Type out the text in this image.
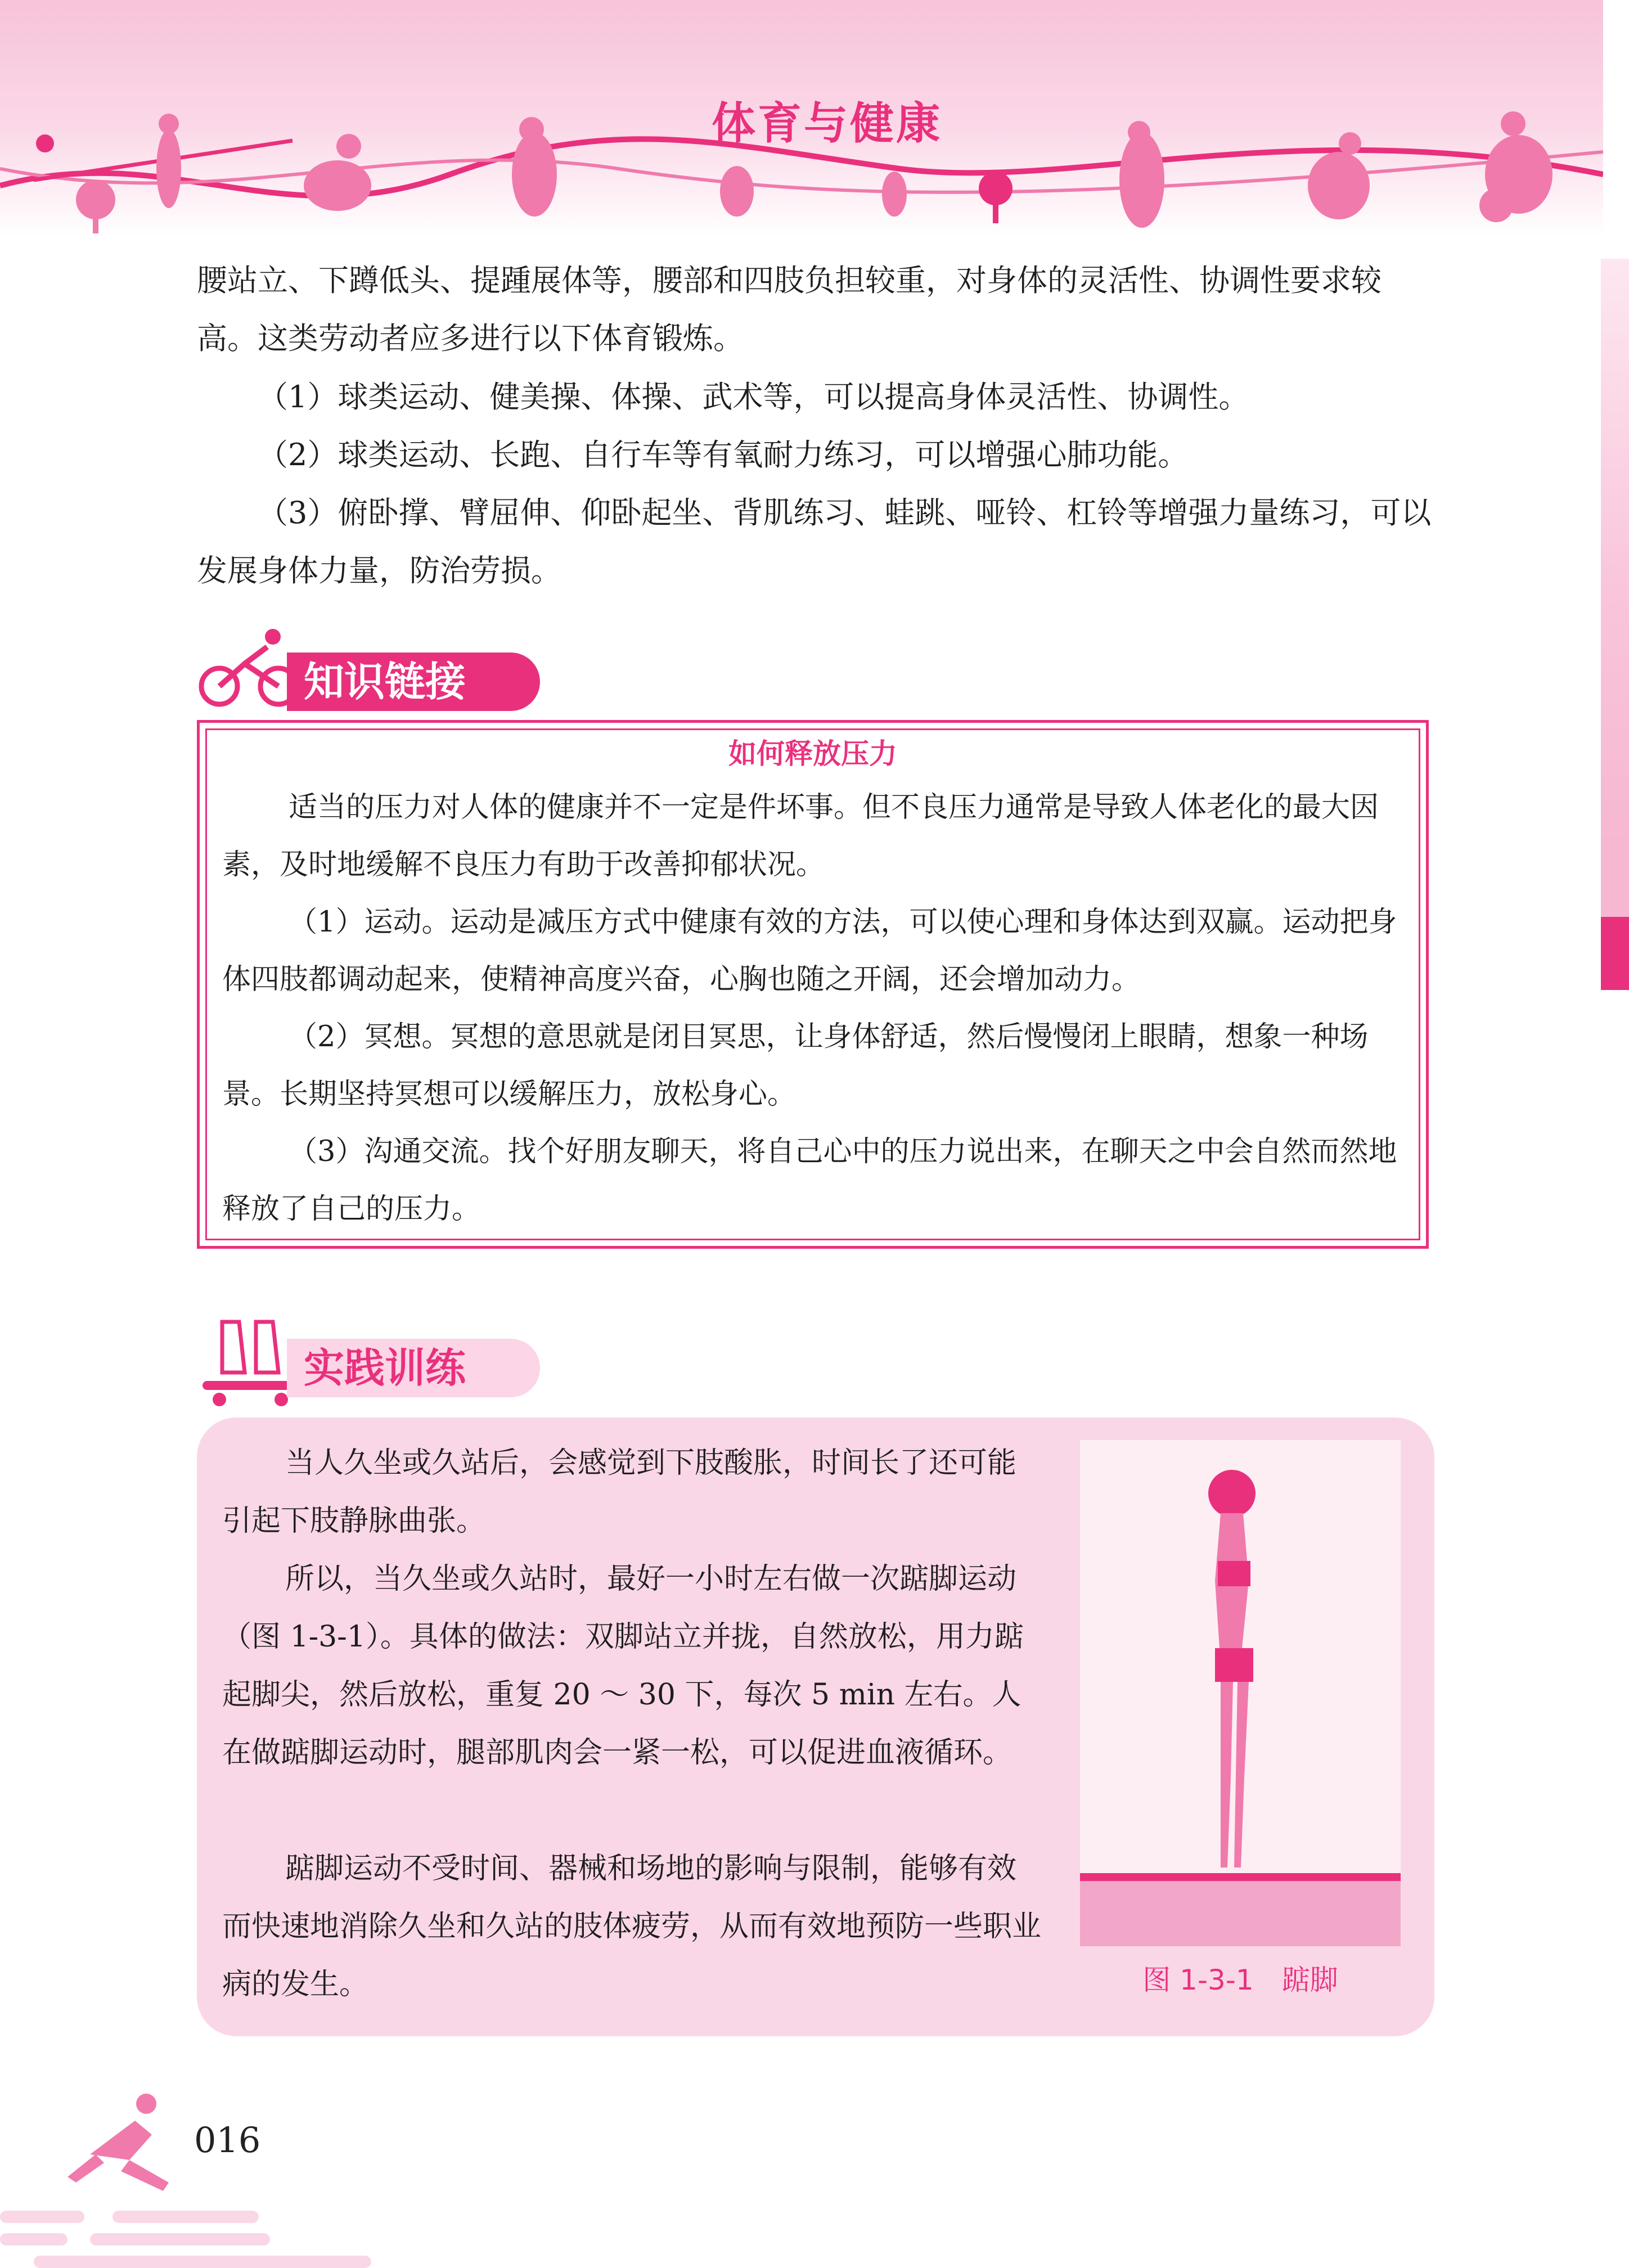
体育与健康
腰站立、下蹲低头、提踵展体等，腰部和四肢负担较重，对身体的灵活性、协调性要求较高。这类劳动者应多进行以下体育锻炼。
（1）球类运动、健美操、体操、武术等，可以提高身体灵活性、协调性。
（2）球类运动、长跑、自行车等有氧耐力练习，可以增强心肺功能。
（3）俯卧撑、臂屈伸、仰卧起坐、背肌练习、蛙跳、哑铃、杠铃等增强力量练习，可以发展身体力量，防治劳损。
知识链接
如何释放压力
适当的压力对人体的健康并不一定是件坏事。但不良压力通常是导致人体老化的最大因素，及时地缓解不良压力有助于改善抑郁状况。
（1）运动。运动是减压方式中健康有效的方法，可以使心理和身体达到双赢。运动把身体四肢都调动起来，使精神高度兴奋，心胸也随之开阔，还会增加动力。
（2）冥想。冥想的意思就是闭目冥思，让身体舒适，然后慢慢闭上眼睛，想象一种场景。长期坚持冥想可以缓解压力，放松身心。
（3）沟通交流。找个好朋友聊天，将自己心中的压力说出来，在聊天之中会自然而然地释放了自己的压力。
实践训练
当人久坐或久站后，会感觉到下肢酸胀，时间长了还可能引起下肢静脉曲张。
所以，当久坐或久站时，最好一小时左右做一次踮脚运动（图 1-3-1）。具体的做法：双脚站立并拢，自然放松，用力踮起脚尖，然后放松，重复 20 ～ 30 下，每次 5 min 左右。人在做踮脚运动时，腿部肌肉会一紧一松，可以促进血液循环。
踮脚运动不受时间、器械和场地的影响与限制，能够有效而快速地消除久坐和久站的肢体疲劳，从而有效地预防一些职业病的发生。	图 1-3-1　踮脚
016
